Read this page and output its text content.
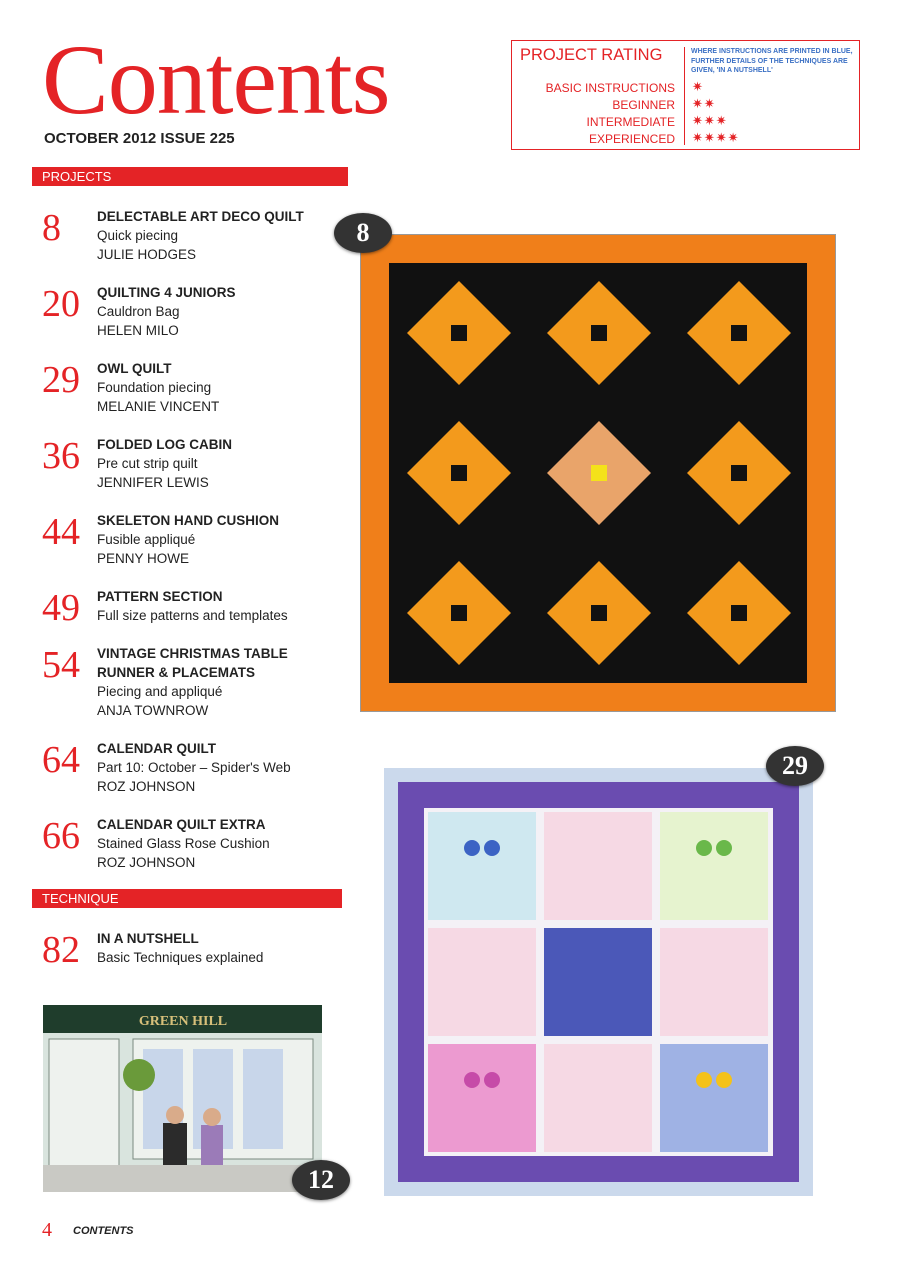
Contents
OCTOBER 2012 ISSUE 225
PROJECT RATING	WHERE INSTRUCTIONS ARE PRINTED IN BLUE, FURTHER DETAILS OF THE TECHNIQUES ARE GIVEN, 'IN A NUTSHELL'
BASIC INSTRUCTIONS ✷
BEGINNER ✷✷
INTERMEDIATE ✷✷✷
EXPERIENCED ✷✷✷✷
PROJECTS
TECHNIQUE
8	DELECTABLE ART DECO QUILT
Quick piecing
JULIE HODGES
20 QUILTING 4 JUNIORS
Cauldron Bag
HELEN MILO
29 OWL QUILT
Foundation piecing
MELANIE VINCENT
36 FOLDED LOG CABIN
Pre cut strip quilt
JENNIFER LEWIS
44 SKELETON HAND CUSHION
Fusible appliqué
PENNY HOWE
49 PATTERN SECTION
Full size patterns and templates
54 VINTAGE CHRISTMAS TABLE RUNNER & PLACEMATS
Piecing and appliqué
ANJA TOWNROW
64 CALENDAR QUILT
Part 10: October – Spider's Web
ROZ JOHNSON
66 CALENDAR QUILT EXTRA
Stained Glass Rose Cushion
ROZ JOHNSON
82 IN A NUTSHELL
Basic Techniques explained
8
29
GREEN HILL
12
4 CONTENTS
